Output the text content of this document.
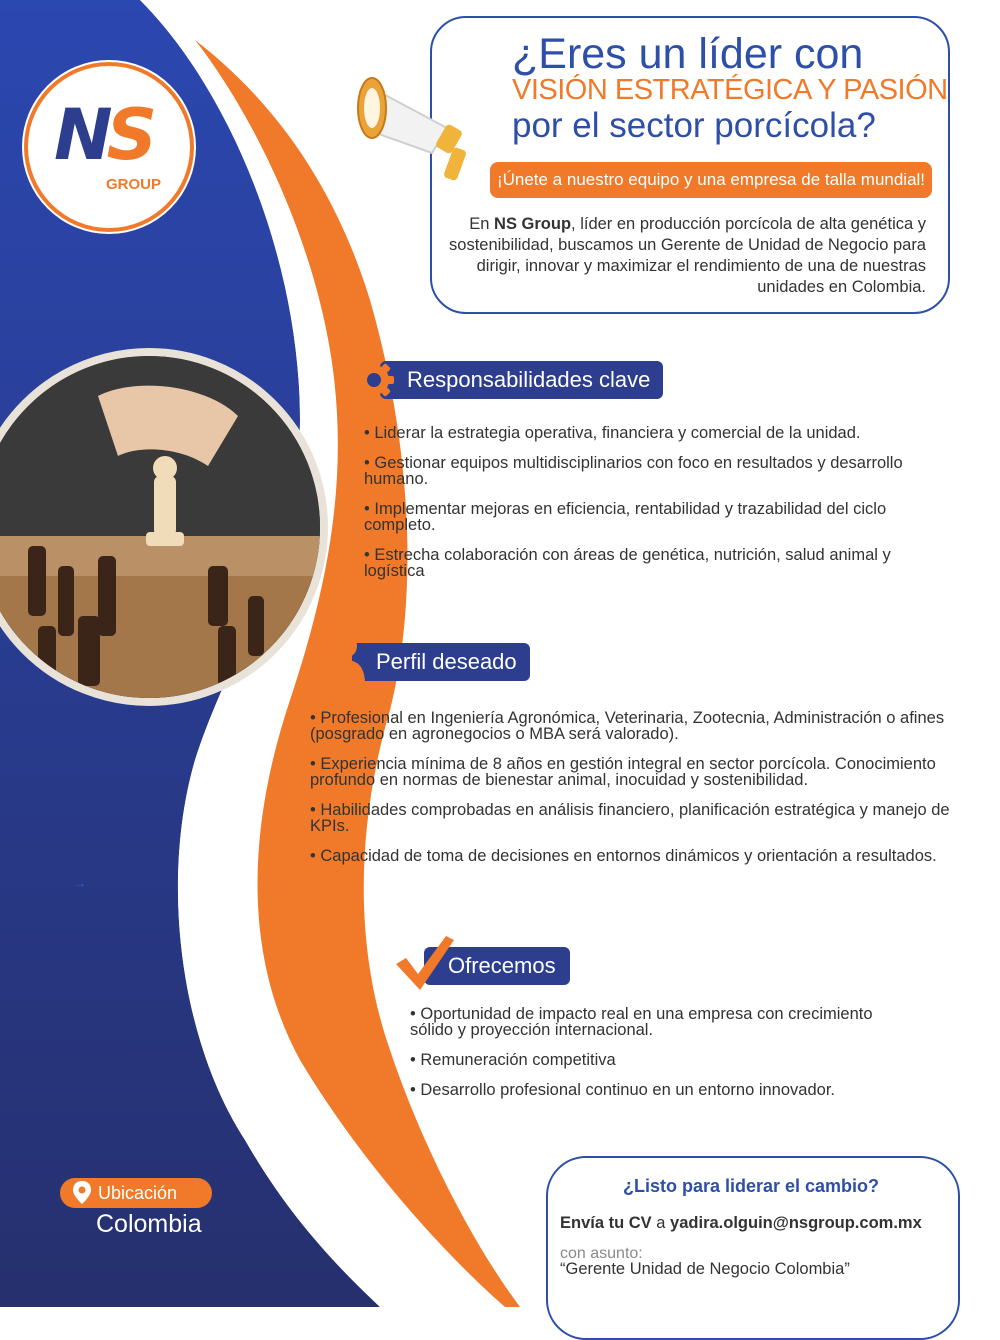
NS
GROUP
¿Eres un líder con
VISIÓN ESTRATÉGICA Y PASIÓN
por el sector porcícola?
¡Únete a nuestro equipo y una empresa de talla mundial!
En NS Group, líder en producción porcícola de alta genética y sostenibilidad, buscamos un Gerente de Unidad de Negocio para dirigir, innovar y maximizar el rendimiento de una de nuestras unidades en Colombia.
Responsabilidades clave
• Liderar la estrategia operativa, financiera y comercial de la unidad.
• Gestionar equipos multidisciplinarios con foco en resultados y desarrollo humano.
• Implementar mejoras en eficiencia, rentabilidad y trazabilidad del ciclo completo.
• Estrecha colaboración con áreas de genética, nutrición, salud animal y logística
Perfil deseado
• Profesional en Ingeniería Agronómica, Veterinaria, Zootecnia, Administración o afines (posgrado en agronegocios o MBA será valorado).
• Experiencia mínima de 8 años en gestión integral en sector porcícola. Conocimiento profundo en normas de bienestar animal, inocuidad y sostenibilidad.
• Habilidades comprobadas en análisis financiero, planificación estratégica y manejo de KPIs.
• Capacidad de toma de decisiones en entornos dinámicos y orientación a resultados.
→
Ofrecemos
• Oportunidad de impacto real en una empresa con crecimiento sólido y proyección internacional.
• Remuneración competitiva
• Desarrollo profesional continuo en un entorno innovador.
Ubicación
Colombia
¿Listo para liderar el cambio?
Envía tu CV a yadira.olguin@nsgroup.com.mx
con asunto:
“Gerente Unidad de Negocio Colombia”
